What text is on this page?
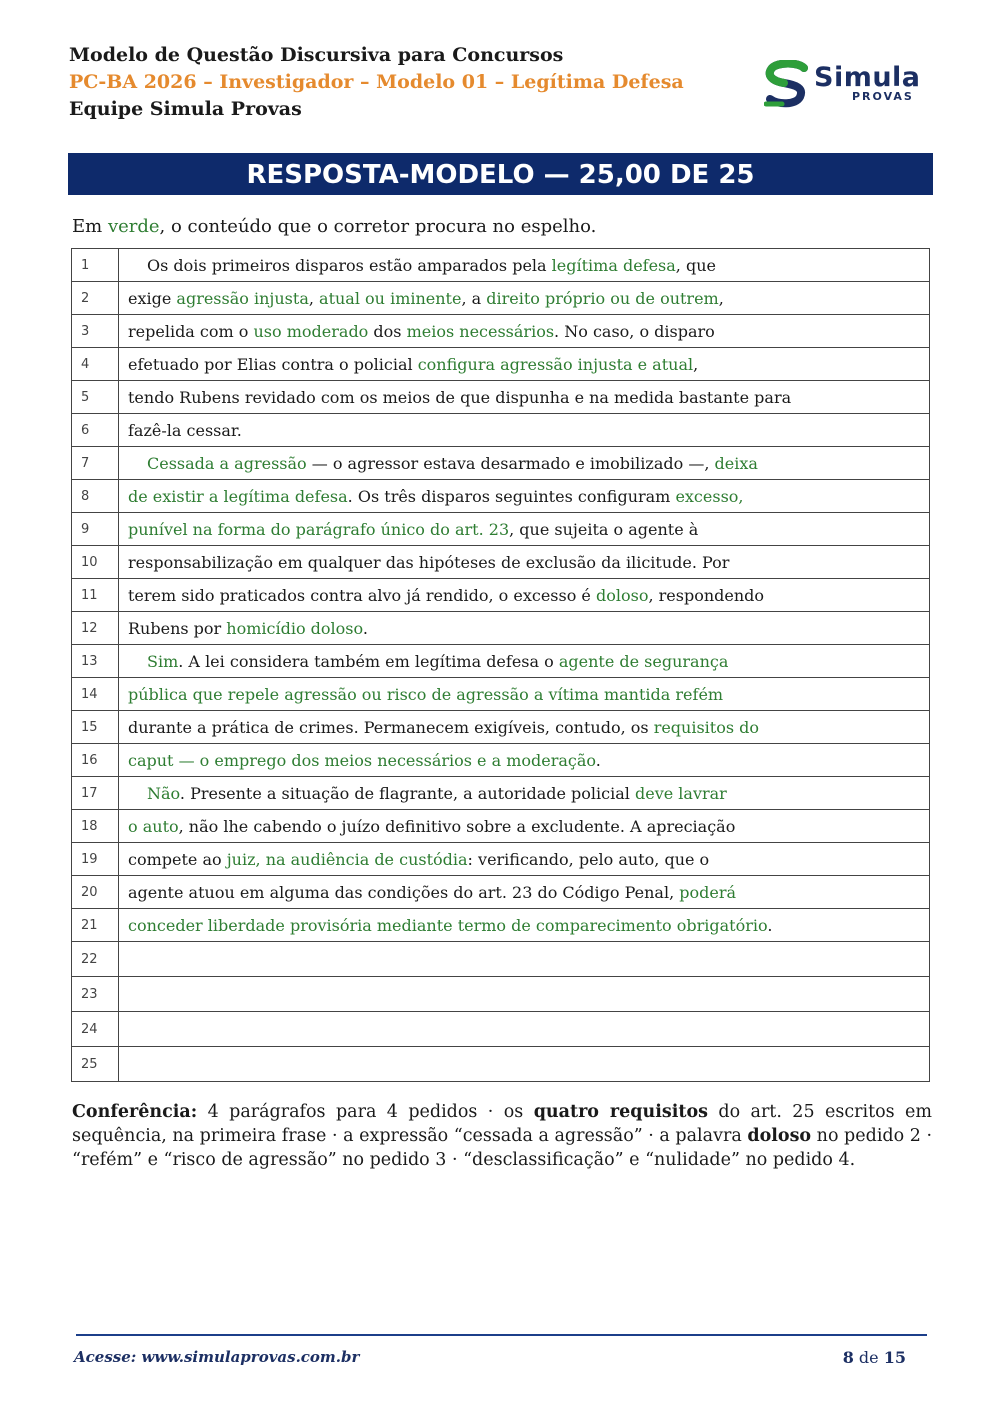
Modelo de Questão Discursiva para Concursos
PC-BA 2026 – Investigador – Modelo 01 – Legítima Defesa
Equipe Simula Provas
Simula
PROVAS
RESPOSTA-MODELO — 25,00 DE 25
Em verde, o conteúdo que o corretor procura no espelho.
1	Os dois primeiros disparos estão amparados pela legítima defesa, que
2	exige agressão injusta, atual ou iminente, a direito próprio ou de outrem,
3	repelida com o uso moderado dos meios necessários. No caso, o disparo
4	efetuado por Elias contra o policial configura agressão injusta e atual,
5	tendo Rubens revidado com os meios de que dispunha e na medida bastante para
6	fazê-la cessar.
7	Cessada a agressão — o agressor estava desarmado e imobilizado —, deixa
8	de existir a legítima defesa. Os três disparos seguintes configuram excesso,
9	punível na forma do parágrafo único do art. 23, que sujeita o agente à
10	responsabilização em qualquer das hipóteses de exclusão da ilicitude. Por
11	terem sido praticados contra alvo já rendido, o excesso é doloso, respondendo
12	Rubens por homicídio doloso.
13	Sim. A lei considera também em legítima defesa o agente de segurança
14	pública que repele agressão ou risco de agressão a vítima mantida refém
15	durante a prática de crimes. Permanecem exigíveis, contudo, os requisitos do
16	caput — o emprego dos meios necessários e a moderação.
17	Não. Presente a situação de flagrante, a autoridade policial deve lavrar
18	o auto, não lhe cabendo o juízo definitivo sobre a excludente. A apreciação
19	compete ao juiz, na audiência de custódia: verificando, pelo auto, que o
20	agente atuou em alguma das condições do art. 23 do Código Penal, poderá
21	conceder liberdade provisória mediante termo de comparecimento obrigatório.
22	
23	
24	
25	
Conferência: 4 parágrafos para 4 pedidos · os quatro requisitos do art. 25 escritos em sequência, na primeira frase · a expressão “cessada a agressão” · a palavra doloso no pedido 2 · “refém” e “risco de agressão” no pedido 3 · “desclassificação” e “nulidade” no pedido 4.
Acesse: www.simulaprovas.com.br	8 de 15
